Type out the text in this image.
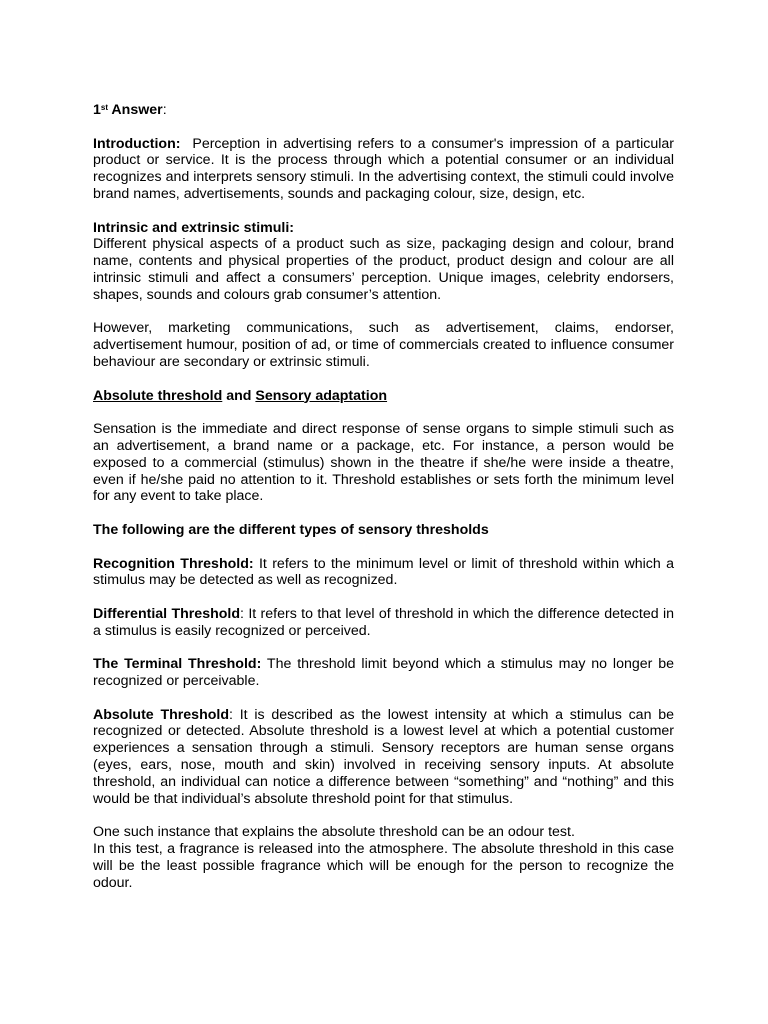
1st Answer:

Introduction:  Perception in advertising refers to a consumer's impression of a particular product or service. It is the process through which a potential consumer or an individual recognizes and interprets sensory stimuli. In the advertising context, the stimuli could involve brand names, advertisements, sounds and packaging colour, size, design, etc.

Intrinsic and extrinsic stimuli:

Different physical aspects of a product such as size, packaging design and colour, brand name, contents and physical properties of the product, product design and colour are all intrinsic stimuli and affect a consumers’ perception. Unique images, celebrity endorsers, shapes, sounds and colours grab consumer’s attention.

However, marketing communications, such as advertisement, claims, endorser, advertisement humour, position of ad, or time of commercials created to influence consumer behaviour are secondary or extrinsic stimuli.

Absolute threshold and Sensory adaptation

Sensation is the immediate and direct response of sense organs to simple stimuli such as an advertisement, a brand name or a package, etc. For instance, a person would be exposed to a commercial (stimulus) shown in the theatre if she/he were inside a theatre, even if he/she paid no attention to it. Threshold establishes or sets forth the minimum level for any event to take place.

The following are the different types of sensory thresholds

Recognition Threshold: It refers to the minimum level or limit of threshold within which a stimulus may be detected as well as recognized.

Differential Threshold: It refers to that level of threshold in which the difference detected in a stimulus is easily recognized or perceived.

The Terminal Threshold: The threshold limit beyond which a stimulus may no longer be recognized or perceivable.

Absolute Threshold: It is described as the lowest intensity at which a stimulus can be recognized or detected. Absolute threshold is a lowest level at which a potential customer experiences a sensation through a stimuli. Sensory receptors are human sense organs (eyes, ears, nose, mouth and skin) involved in receiving sensory inputs. At absolute threshold, an individual can notice a difference between “something” and “nothing” and this would be that individual’s absolute threshold point for that stimulus.

One such instance that explains the absolute threshold can be an odour test.

In this test, a fragrance is released into the atmosphere. The absolute threshold in this case will be the least possible fragrance which will be enough for the person to recognize the odour.
